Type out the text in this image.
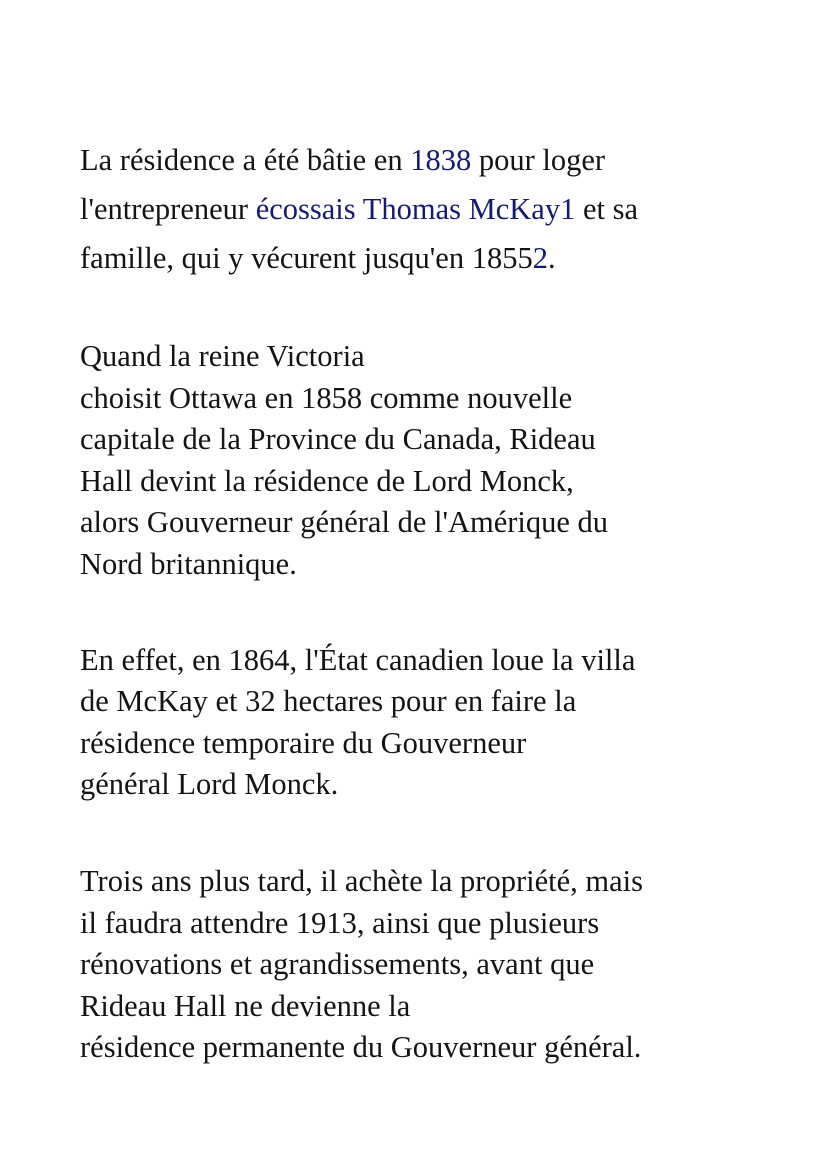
La résidence a été bâtie en 1838 pour loger
l'entrepreneur écossais Thomas McKay1 et sa
famille, qui y vécurent jusqu'en 18552.

Quand la reine Victoria
choisit Ottawa en 1858 comme nouvelle
capitale de la Province du Canada, Rideau
Hall devint la résidence de Lord Monck,
alors Gouverneur général de l'Amérique du
Nord britannique.

En effet, en 1864, l'État canadien loue la villa
de McKay et 32 hectares pour en faire la
résidence temporaire du Gouverneur
général Lord Monck.

Trois ans plus tard, il achète la propriété, mais
il faudra attendre 1913, ainsi que plusieurs
rénovations et agrandissements, avant que
Rideau Hall ne devienne la
résidence permanente du Gouverneur général.
